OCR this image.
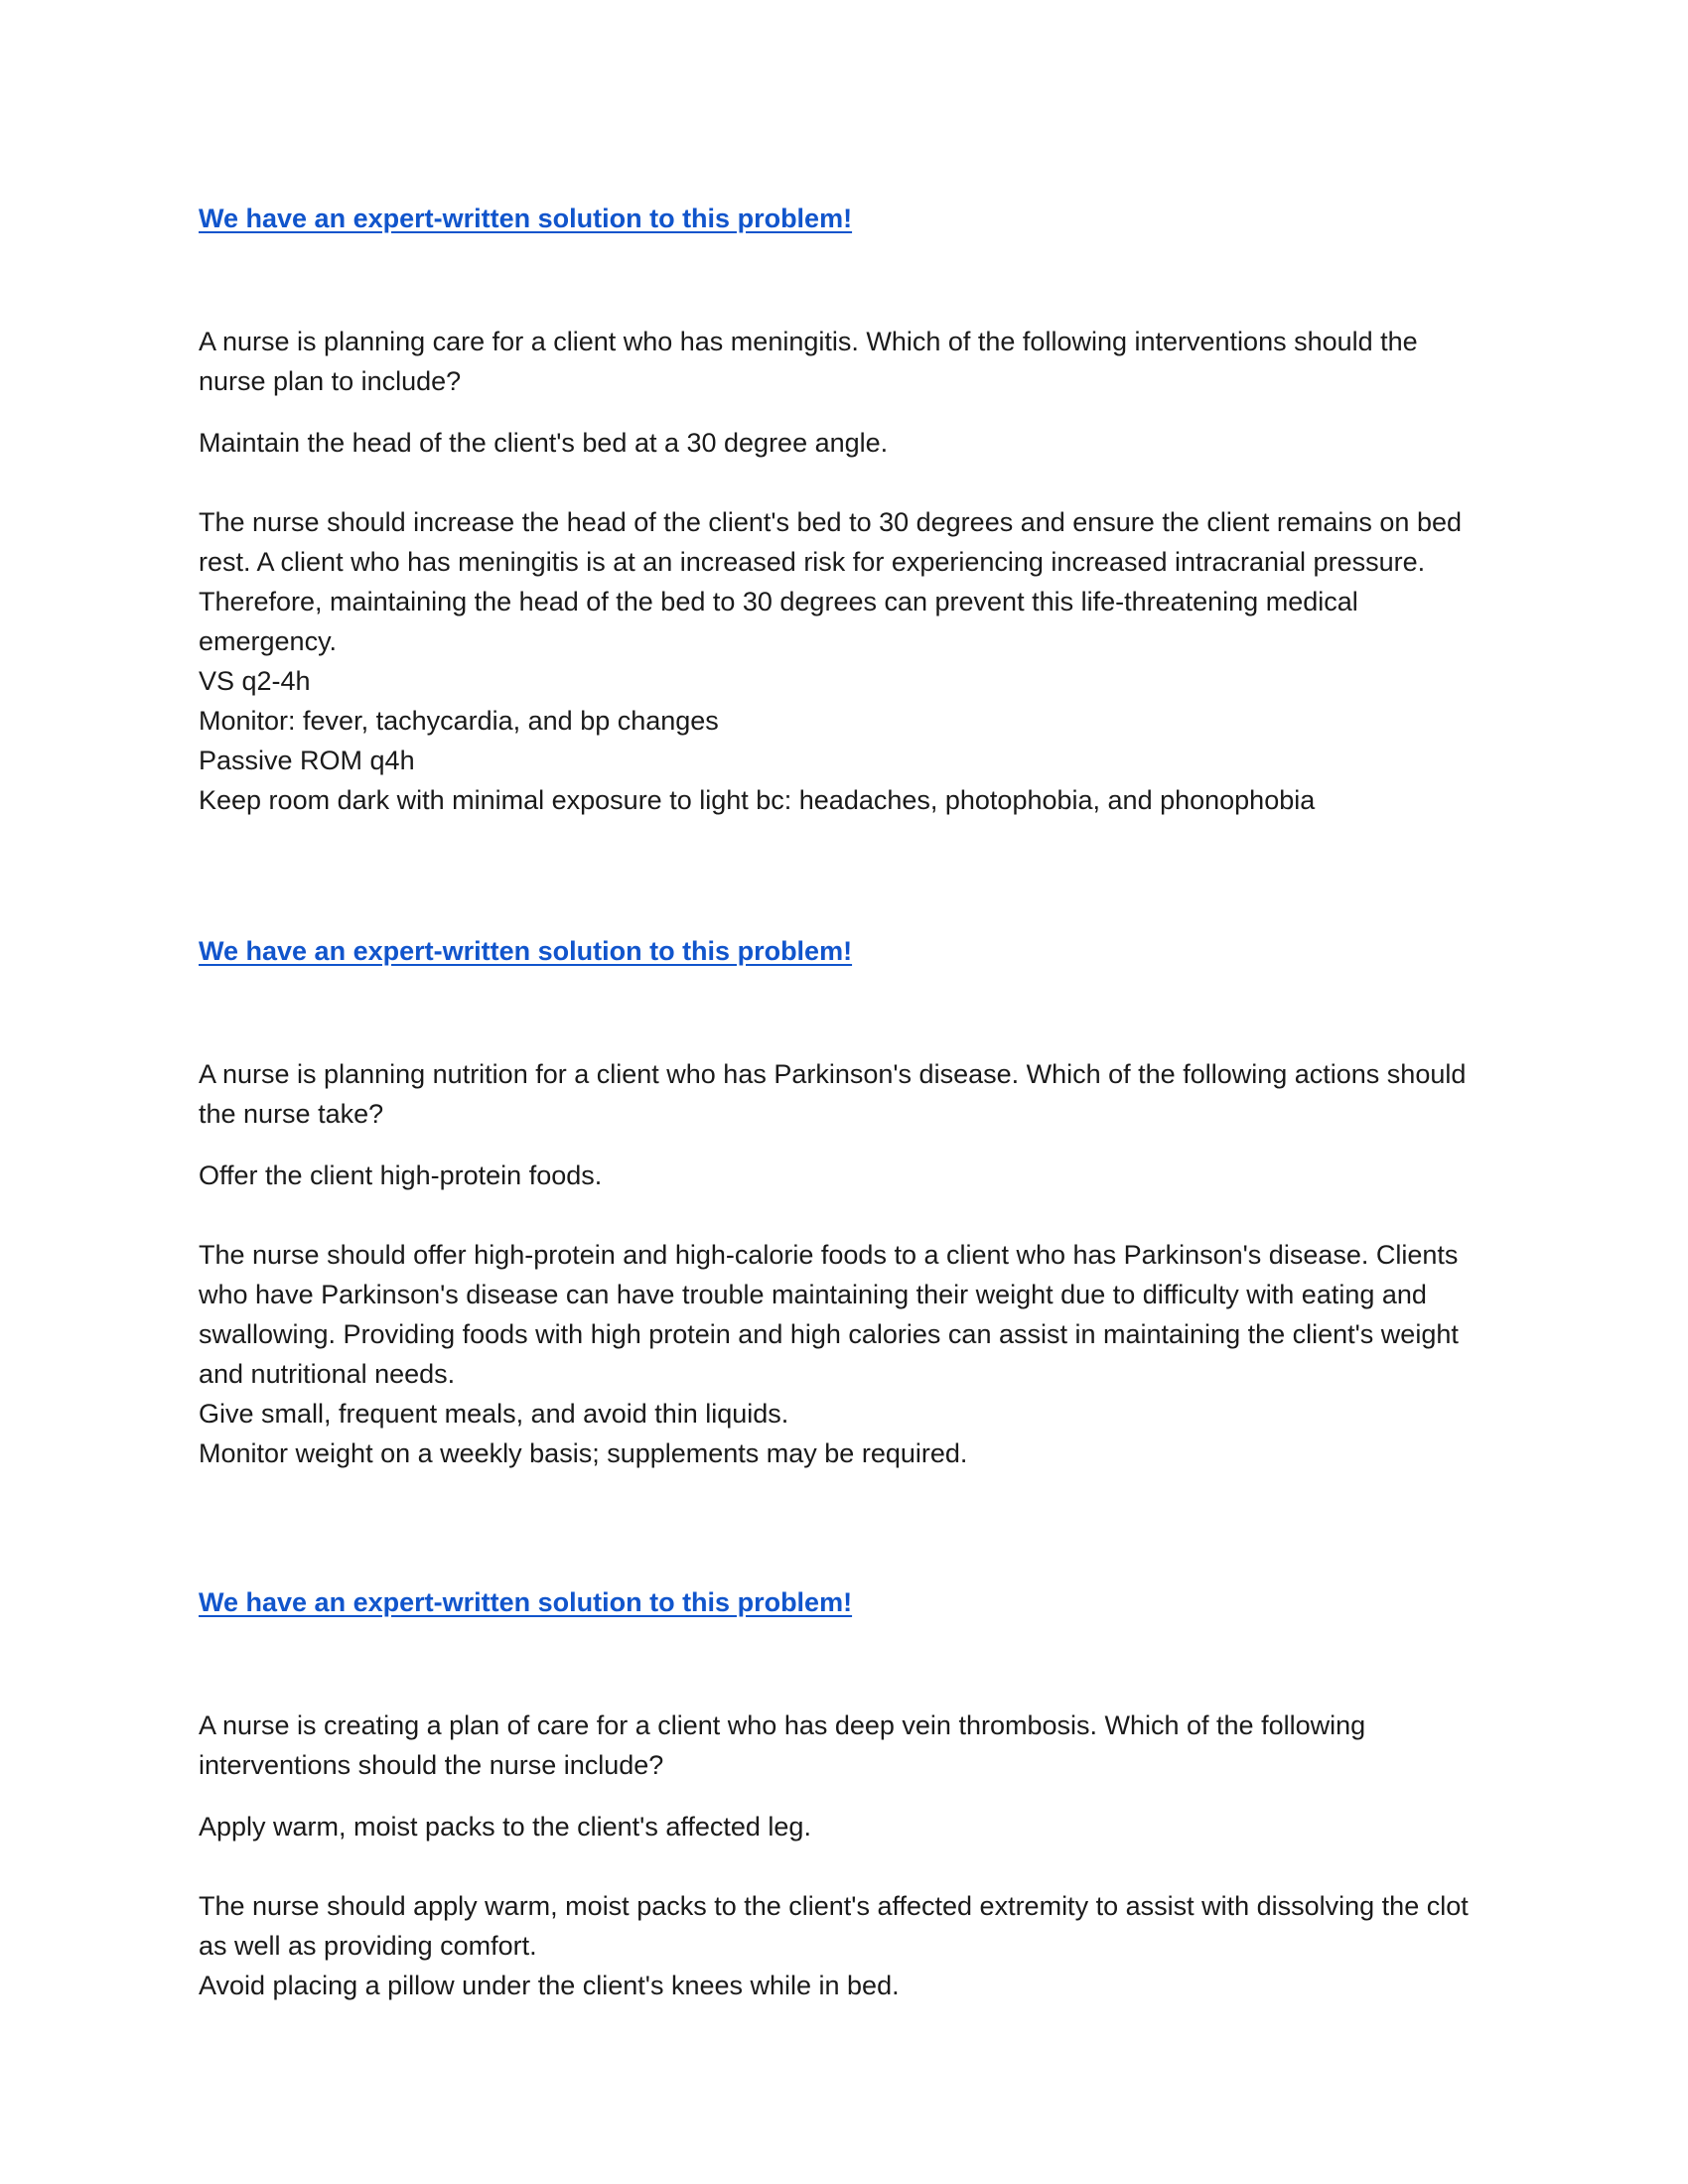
We have an expert-written solution to this problem!

A nurse is planning care for a client who has meningitis. Which of the following interventions should the nurse plan to include?

Maintain the head of the client's bed at a 30 degree angle.

The nurse should increase the head of the client's bed to 30 degrees and ensure the client remains on bed rest. A client who has meningitis is at an increased risk for experiencing increased intracranial pressure. Therefore, maintaining the head of the bed to 30 degrees can prevent this life-threatening medical emergency.
VS q2-4h
Monitor: fever, tachycardia, and bp changes
Passive ROM q4h
Keep room dark with minimal exposure to light bc: headaches, photophobia, and phonophobia
We have an expert-written solution to this problem!

A nurse is planning nutrition for a client who has Parkinson's disease. Which of the following actions should the nurse take?

Offer the client high-protein foods.

The nurse should offer high-protein and high-calorie foods to a client who has Parkinson's disease. Clients who have Parkinson's disease can have trouble maintaining their weight due to difficulty with eating and swallowing. Providing foods with high protein and high calories can assist in maintaining the client's weight and nutritional needs.
Give small, frequent meals, and avoid thin liquids.
Monitor weight on a weekly basis; supplements may be required.
We have an expert-written solution to this problem!

A nurse is creating a plan of care for a client who has deep vein thrombosis. Which of the following interventions should the nurse include?

Apply warm, moist packs to the client's affected leg.

The nurse should apply warm, moist packs to the client's affected extremity to assist with dissolving the clot as well as providing comfort.
Avoid placing a pillow under the client's knees while in bed.
